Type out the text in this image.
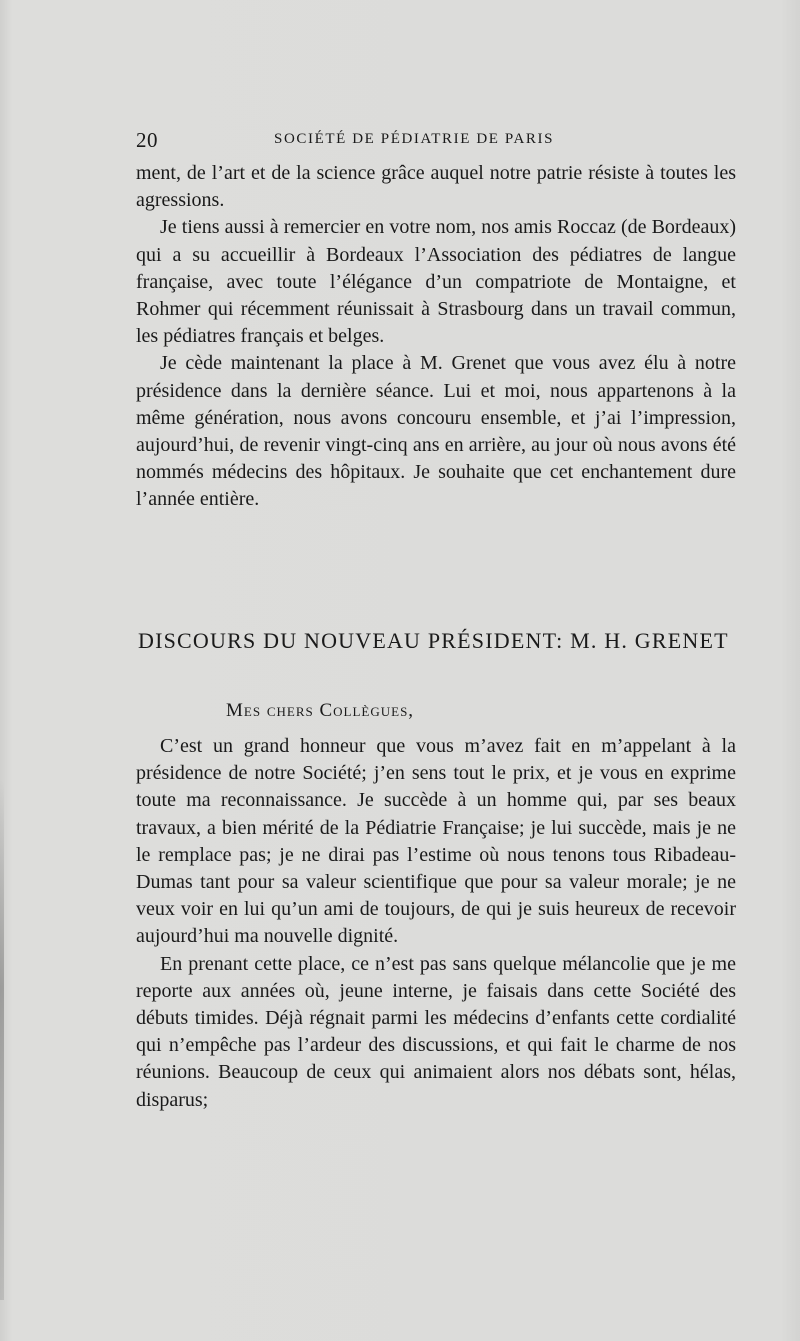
20	SOCIÉTÉ DE PÉDIATRIE DE PARIS

ment, de l’art et de la science grâce auquel notre patrie résiste à toutes les agressions.

Je tiens aussi à remercier en votre nom, nos amis Roccaz (de Bordeaux) qui a su accueillir à Bordeaux l’Association des pédiatres de langue française, avec toute l’élégance d’un compatriote de Montaigne, et Rohmer qui récemment réunissait à Strasbourg dans un travail commun, les pédiatres français et belges.

Je cède maintenant la place à M. Grenet que vous avez élu à notre présidence dans la dernière séance. Lui et moi, nous appartenons à la même génération, nous avons concouru ensemble, et j’ai l’impression, aujourd’hui, de revenir vingt-cinq ans en arrière, au jour où nous avons été nommés médecins des hôpitaux. Je souhaite que cet enchantement dure l’année entière.

DISCOURS DU NOUVEAU PRÉSIDENT: M. H. GRENET
Mes chers Collègues,

C’est un grand honneur que vous m’avez fait en m’appelant à la présidence de notre Société; j’en sens tout le prix, et je vous en exprime toute ma reconnaissance. Je succède à un homme qui, par ses beaux travaux, a bien mérité de la Pédiatrie Française; je lui succède, mais je ne le remplace pas; je ne dirai pas l’estime où nous tenons tous Ribadeau-Dumas tant pour sa valeur scientifique que pour sa valeur morale; je ne veux voir en lui qu’un ami de toujours, de qui je suis heureux de recevoir aujourd’hui ma nouvelle dignité.

En prenant cette place, ce n’est pas sans quelque mélancolie que je me reporte aux années où, jeune interne, je faisais dans cette Société des débuts timides. Déjà régnait parmi les médecins d’enfants cette cordialité qui n’empêche pas l’ardeur des discussions, et qui fait le charme de nos réunions. Beaucoup de ceux qui animaient alors nos débats sont, hélas, disparus;
